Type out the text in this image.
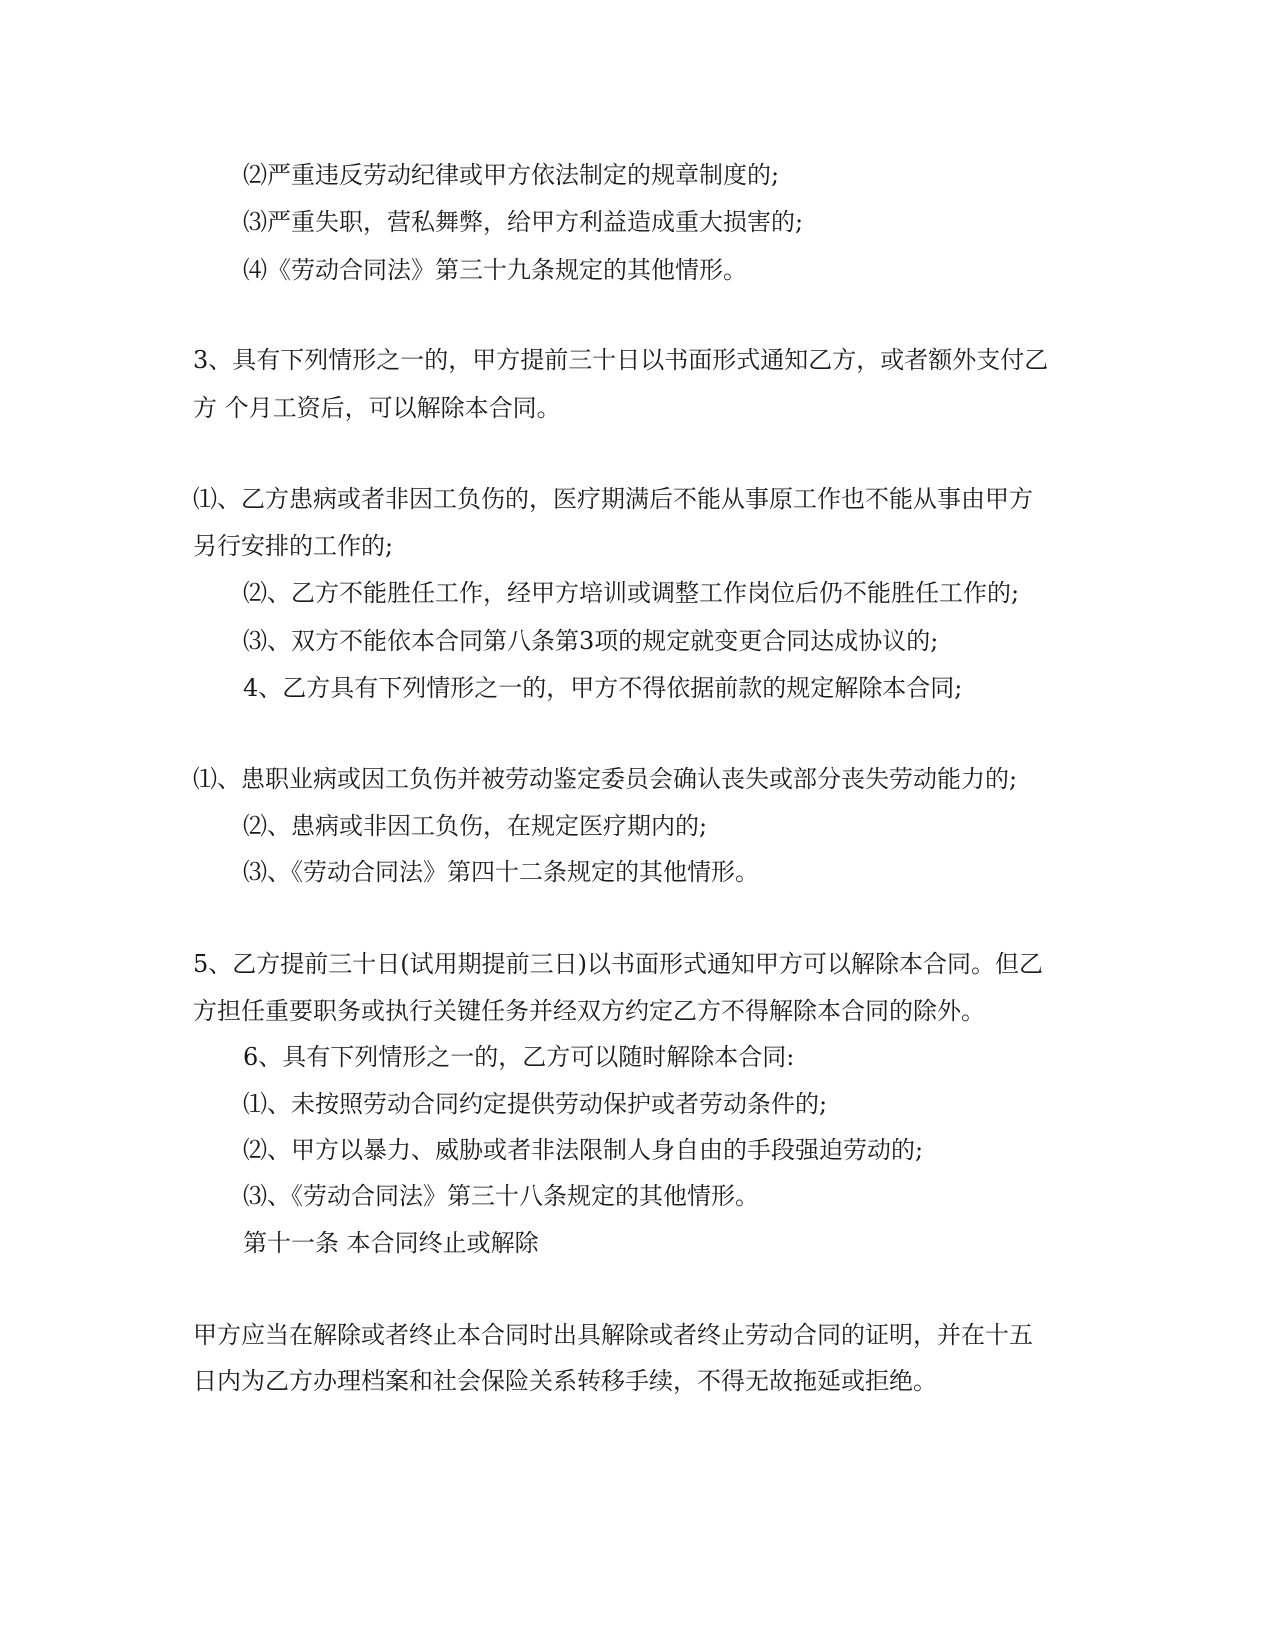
⑵严重违反劳动纪律或甲方依法制定的规章制度的;
⑶严重失职，营私舞弊，给甲方利益造成重大损害的;
⑷《劳动合同法》第三十九条规定的其他情形。
3、具有下列情形之一的，甲方提前三十日以书面形式通知乙方，或者额外支付乙
方 个月工资后，可以解除本合同。
⑴、乙方患病或者非因工负伤的，医疗期满后不能从事原工作也不能从事由甲方
另行安排的工作的;
⑵、乙方不能胜任工作，经甲方培训或调整工作岗位后仍不能胜任工作的;
⑶、双方不能依本合同第八条第3项的规定就变更合同达成协议的;
4、乙方具有下列情形之一的，甲方不得依据前款的规定解除本合同;
⑴、患职业病或因工负伤并被劳动鉴定委员会确认丧失或部分丧失劳动能力的;
⑵、患病或非因工负伤，在规定医疗期内的;
⑶、《劳动合同法》第四十二条规定的其他情形。
5、乙方提前三十日(试用期提前三日)以书面形式通知甲方可以解除本合同。但乙
方担任重要职务或执行关键任务并经双方约定乙方不得解除本合同的除外。
6、具有下列情形之一的，乙方可以随时解除本合同:
⑴、未按照劳动合同约定提供劳动保护或者劳动条件的;
⑵、甲方以暴力、威胁或者非法限制人身自由的手段强迫劳动的;
⑶、《劳动合同法》第三十八条规定的其他情形。
第十一条 本合同终止或解除
甲方应当在解除或者终止本合同时出具解除或者终止劳动合同的证明，并在十五
日内为乙方办理档案和社会保险关系转移手续，不得无故拖延或拒绝。
